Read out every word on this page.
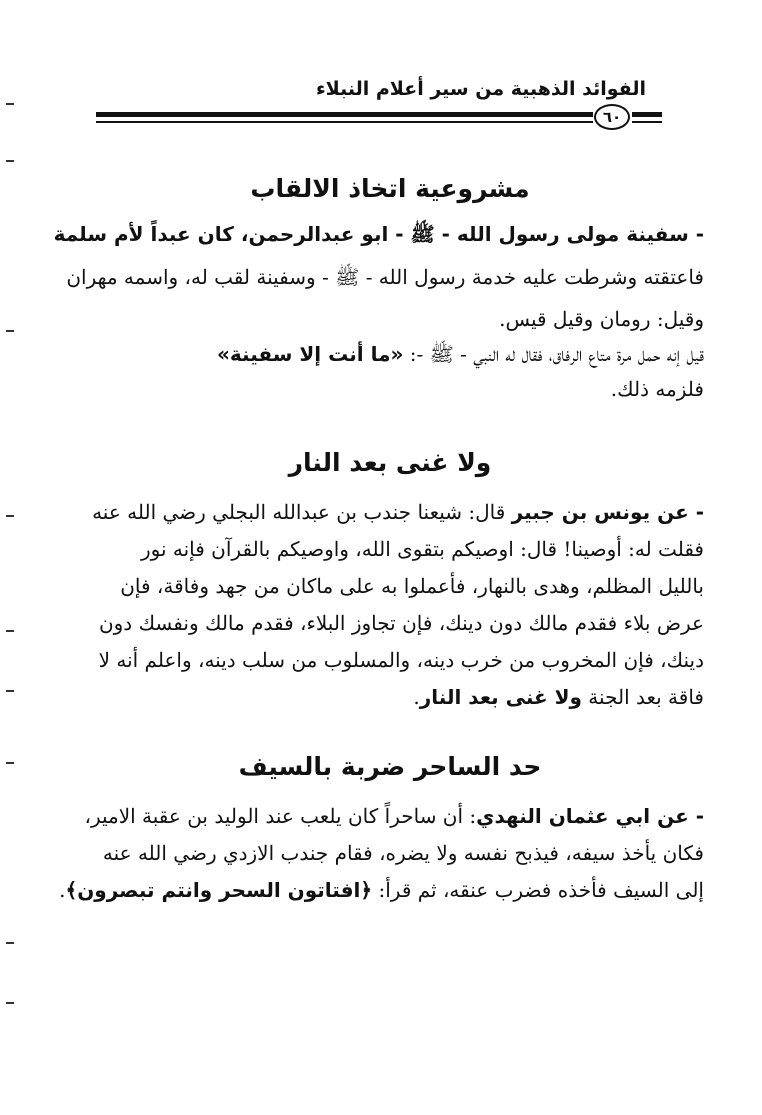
الفوائد الذهبية من سير أعلام النبلاء
٦٠
مشروعية اتخاذ الالقاب
- سفينة مولى رسول الله - ﷺ - ابو عبدالرحمن، كان عبداً لأم سلمة
فاعتقته وشرطت عليه خدمة رسول الله - ﷺ - وسفينة لقب له، واسمه مهران
وقيل: رومان وقيل قيس.
قيل إنه حمل مرة متاع الرفاق، فقال له النبي - ﷺ -: «ما أنت إلا سفينة»
فلزمه ذلك.
ولا غنى بعد النار
- عن يونس بن جبير قال: شيعنا جندب بن عبدالله البجلي رضي الله عنه
فقلت له: أوصينا! قال: اوصيكم بتقوى الله، واوصيكم بالقرآن فإنه نور
بالليل المظلم، وهدى بالنهار، فأعملوا به على ماكان من جهد وفاقة، فإن
عرض بلاء فقدم مالك دون دينك، فإن تجاوز البلاء، فقدم مالك ونفسك دون
دينك، فإن المخروب من خرب دينه، والمسلوب من سلب دينه، واعلم أنه لا
فاقة بعد الجنة ولا غنى بعد النار.
حد الساحر ضربة بالسيف
- عن ابي عثمان النهدي: أن ساحراً كان يلعب عند الوليد بن عقبة الامير،
فكان يأخذ سيفه، فيذبح نفسه ولا يضره، فقام جندب الازدي رضي الله عنه
إلى السيف فأخذه فضرب عنقه، ثم قرأ: ﴿افتاتون السحر وانتم تبصرون﴾.
